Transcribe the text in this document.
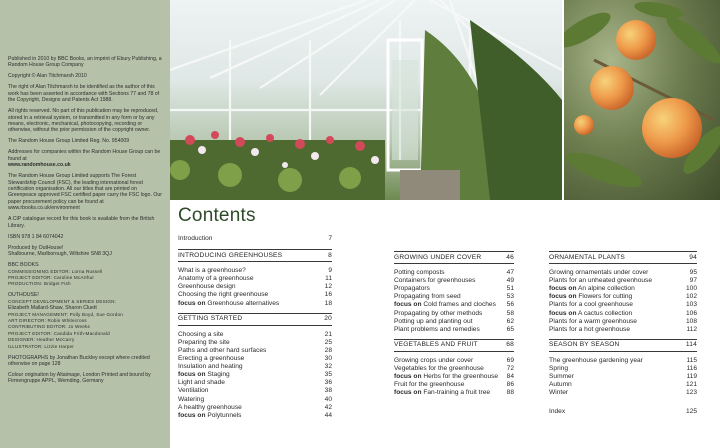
Published in 2010 by BBC Books, an imprint of Ebury Publishing, a Random House Group Company

Copyright © Alan Titchmarsh 2010

The right of Alan Titchmarsh to be identified as the author of this work has been asserted in accordance with Sections 77 and 78 of the Copyright, Designs and Patents Act 1988.

All rights reserved. No part of this publication may be reproduced, stored in a retrieval system, or transmitted in any form or by any means, electronic, mechanical, photocopying, recording or otherwise, without the prior permission of the copyright owner.

The Random House Group Limited Reg. No. 954009

Addresses for companies within the Random House Group can be found at
www.randomhouse.co.uk

The Random House Group Limited supports The Forest Stewardship Council (FSC), the leading international forest certification organisation. All our titles that are printed on Greenpeace approved FSC certified paper carry the FSC logo. Our paper procurement policy can be found at www.rbooks.co.uk/environment

A CIP catalogue record for this book is available from the British Library.

ISBN 978 1 84 6074042

Produced by OutHouse!
Shalbourne, Marlborough, Wiltshire SN8 3QJ

BBC BOOKS
COMMISSIONING EDITOR: Lorna Russell
PROJECT EDITOR: Caroline McArthur
PRODUCTION: Bridget Fish

OUTHOUSE!
CONCEPT DEVELOPMENT & SERIES DESIGN:
Elizabeth Mallard-Shaw, Sharon Cluett
PROJECT MANAGEMENT: Polly Boyd, Sue Gordon
ART DIRECTOR: Robin Whitecross
CONTRIBUTING EDITOR: Jo Weeks
PROJECT EDITOR: Candida Frith-Macdonald
DESIGNER: Heather McCarry
ILLUSTRATOR: Lizzie Harper

PHOTOGRAPHS by Jonathan Buckley except where credited otherwise on page 128

Colour origination by Altaimage, London Printed and bound by Firmengruppe APPL, Wemding, Germany

Contents
Introduction	7
INTRODUCING GREENHOUSES	8
What is a greenhouse?	9
Anatomy of a greenhouse	11
Greenhouse design	12
Choosing the right greenhouse	16
focus on Greenhouse alternatives	18
GETTING STARTED	20
Choosing a site	21
Preparing the site	25
Paths and other hard surfaces	28
Erecting a greenhouse	30
Insulation and heating	32
focus on Staging	35
Light and shade	36
Ventilation	38
Watering	40
A healthy greenhouse	42
focus on Polytunnels	44
GROWING UNDER COVER	46
Potting composts	47
Containers for greenhouses	49
Propagators	51
Propagating from seed	53
focus on Cold frames and cloches	56
Propagating by other methods	58
Potting up and planting out	62
Plant problems and remedies	65
VEGETABLES AND FRUIT	68
Growing crops under cover	69
Vegetables for the greenhouse	72
focus on Herbs for the greenhouse	84
Fruit for the greenhouse	86
focus on Fan-training a fruit tree	88
ORNAMENTAL PLANTS	94
Growing ornamentals under cover	95
Plants for an unheated greenhouse	97
focus on An alpine collection	100
focus on Flowers for cutting	102
Plants for a cool greenhouse	103
focus on A cactus collection	106
Plants for a warm greenhouse	108
Plants for a hot greenhouse	112
SEASON BY SEASON	114
The greenhouse gardening year	115
Spring	116
Summer	119
Autumn	121
Winter	123
Index	125
